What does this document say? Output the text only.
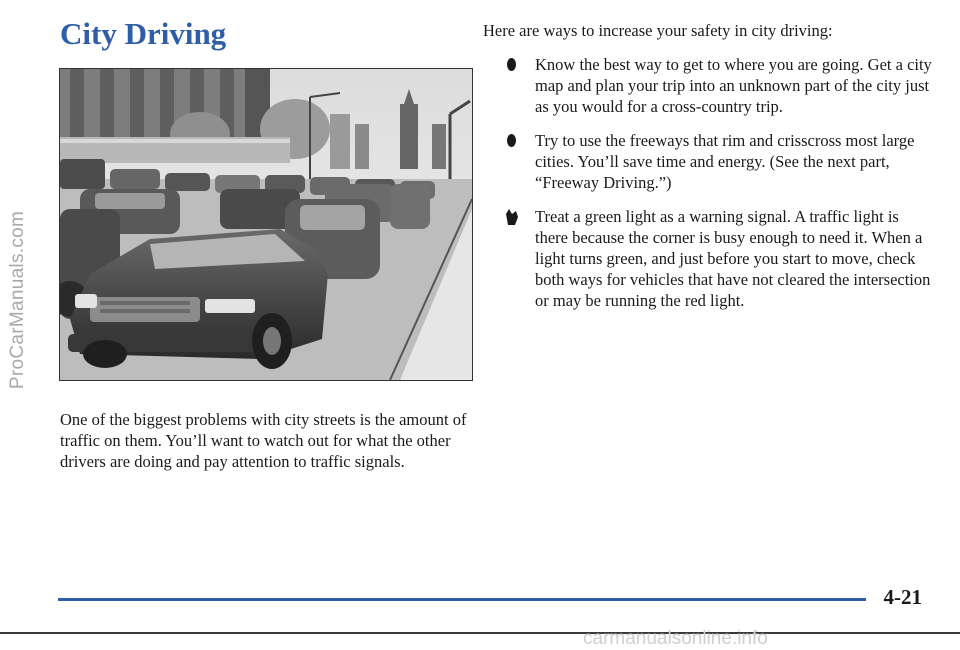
ProCarManuals.com
City Driving

One of the biggest problems with city streets is the amount of traffic on them. You’ll want to watch out for what the other drivers are doing and pay attention to traffic signals.

Here are ways to increase your safety in city driving:

Know the best way to get to where you are going. Get a city map and plan your trip into an unknown part of the city just as you would for a cross-country trip.
Try to use the freeways that rim and crisscross most large cities. You’ll save time and energy. (See the next part, “Freeway Driving.”)
Treat a green light as a warning signal. A traffic light is there because the corner is busy enough to need it. When a light turns green, and just before you start to move, check both ways for vehicles that have not cleared the intersection or may be running the red light.
4-21
carmanualsonline.info
